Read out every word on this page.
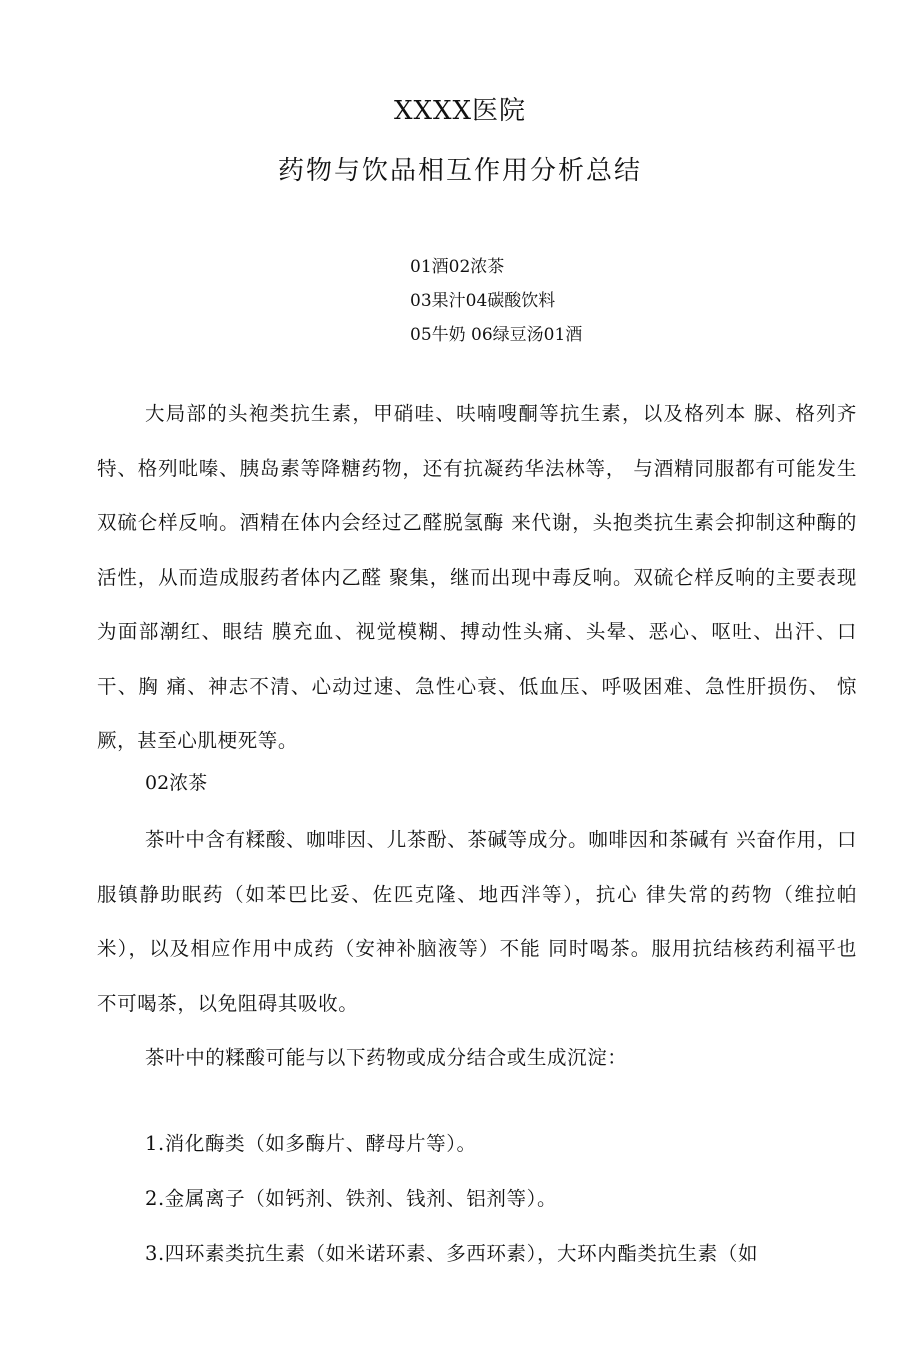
XXXX医院
药物与饮品相互作用分析总结
01酒02浓茶
03果汁04碳酸饮料
05牛奶 06绿豆汤01酒
大局部的头袍类抗生素，甲硝哇、呋喃嗖酮等抗生素，以及格列本 脲、格列齐特、格列吡嗪、胰岛素等降糖药物，还有抗凝药华法林等， 与酒精同服都有可能发生双硫仑样反响。酒精在体内会经过乙醛脱氢酶 来代谢，头抱类抗生素会抑制这种酶的活性，从而造成服药者体内乙醛 聚集，继而出现中毒反响。双硫仑样反响的主要表现为面部潮红、眼结 膜充血、视觉模糊、搏动性头痛、头晕、恶心、呕吐、出汗、口干、胸 痛、神志不清、心动过速、急性心衰、低血压、呼吸困难、急性肝损伤、 惊厥，甚至心肌梗死等。
02浓茶
茶叶中含有糅酸、咖啡因、儿茶酚、茶碱等成分。咖啡因和茶碱有 兴奋作用，口服镇静助眠药（如苯巴比妥、佐匹克隆、地西泮等），抗心 律失常的药物（维拉帕米），以及相应作用中成药（安神补脑液等）不能 同时喝茶。服用抗结核药利福平也不可喝茶，以免阻碍其吸收。
茶叶中的糅酸可能与以下药物或成分结合或生成沉淀：
1.消化酶类（如多酶片、酵母片等）。
2.金属离子（如钙剂、铁剂、钱剂、铝剂等）。
3.四环素类抗生素（如米诺环素、多西环素），大环内酯类抗生素（如
